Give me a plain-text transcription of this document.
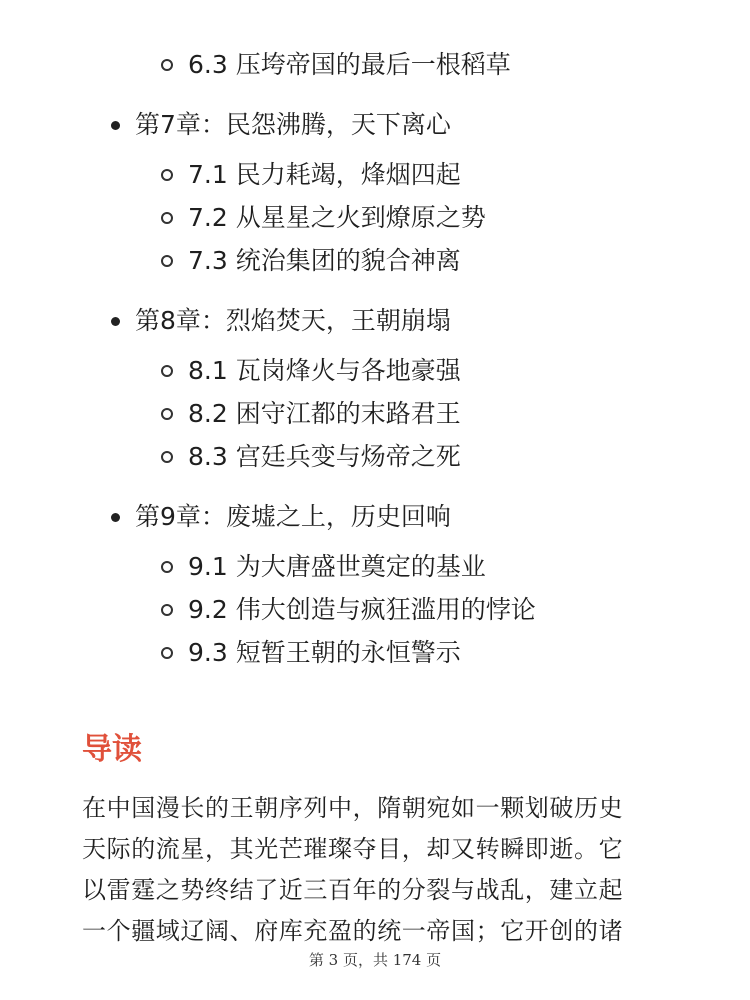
6.3 压垮帝国的最后一根稻草
第7章：民怨沸腾，天下离心
7.1 民力耗竭，烽烟四起
7.2 从星星之火到燎原之势
7.3 统治集团的貌合神离
第8章：烈焰焚天，王朝崩塌
8.1 瓦岗烽火与各地豪强
8.2 困守江都的末路君王
8.3 宫廷兵变与炀帝之死
第9章：废墟之上，历史回响
9.1 为大唐盛世奠定的基业
9.2 伟大创造与疯狂滥用的悖论
9.3 短暂王朝的永恒警示
导读

在中国漫长的王朝序列中，隋朝宛如一颗划破历史
天际的流星，其光芒璀璨夺目，却又转瞬即逝。它
以雷霆之势终结了近三百年的分裂与战乱，建立起
一个疆域辽阔、府库充盈的统一帝国；它开创的诸

第 3 页，共 174 页
